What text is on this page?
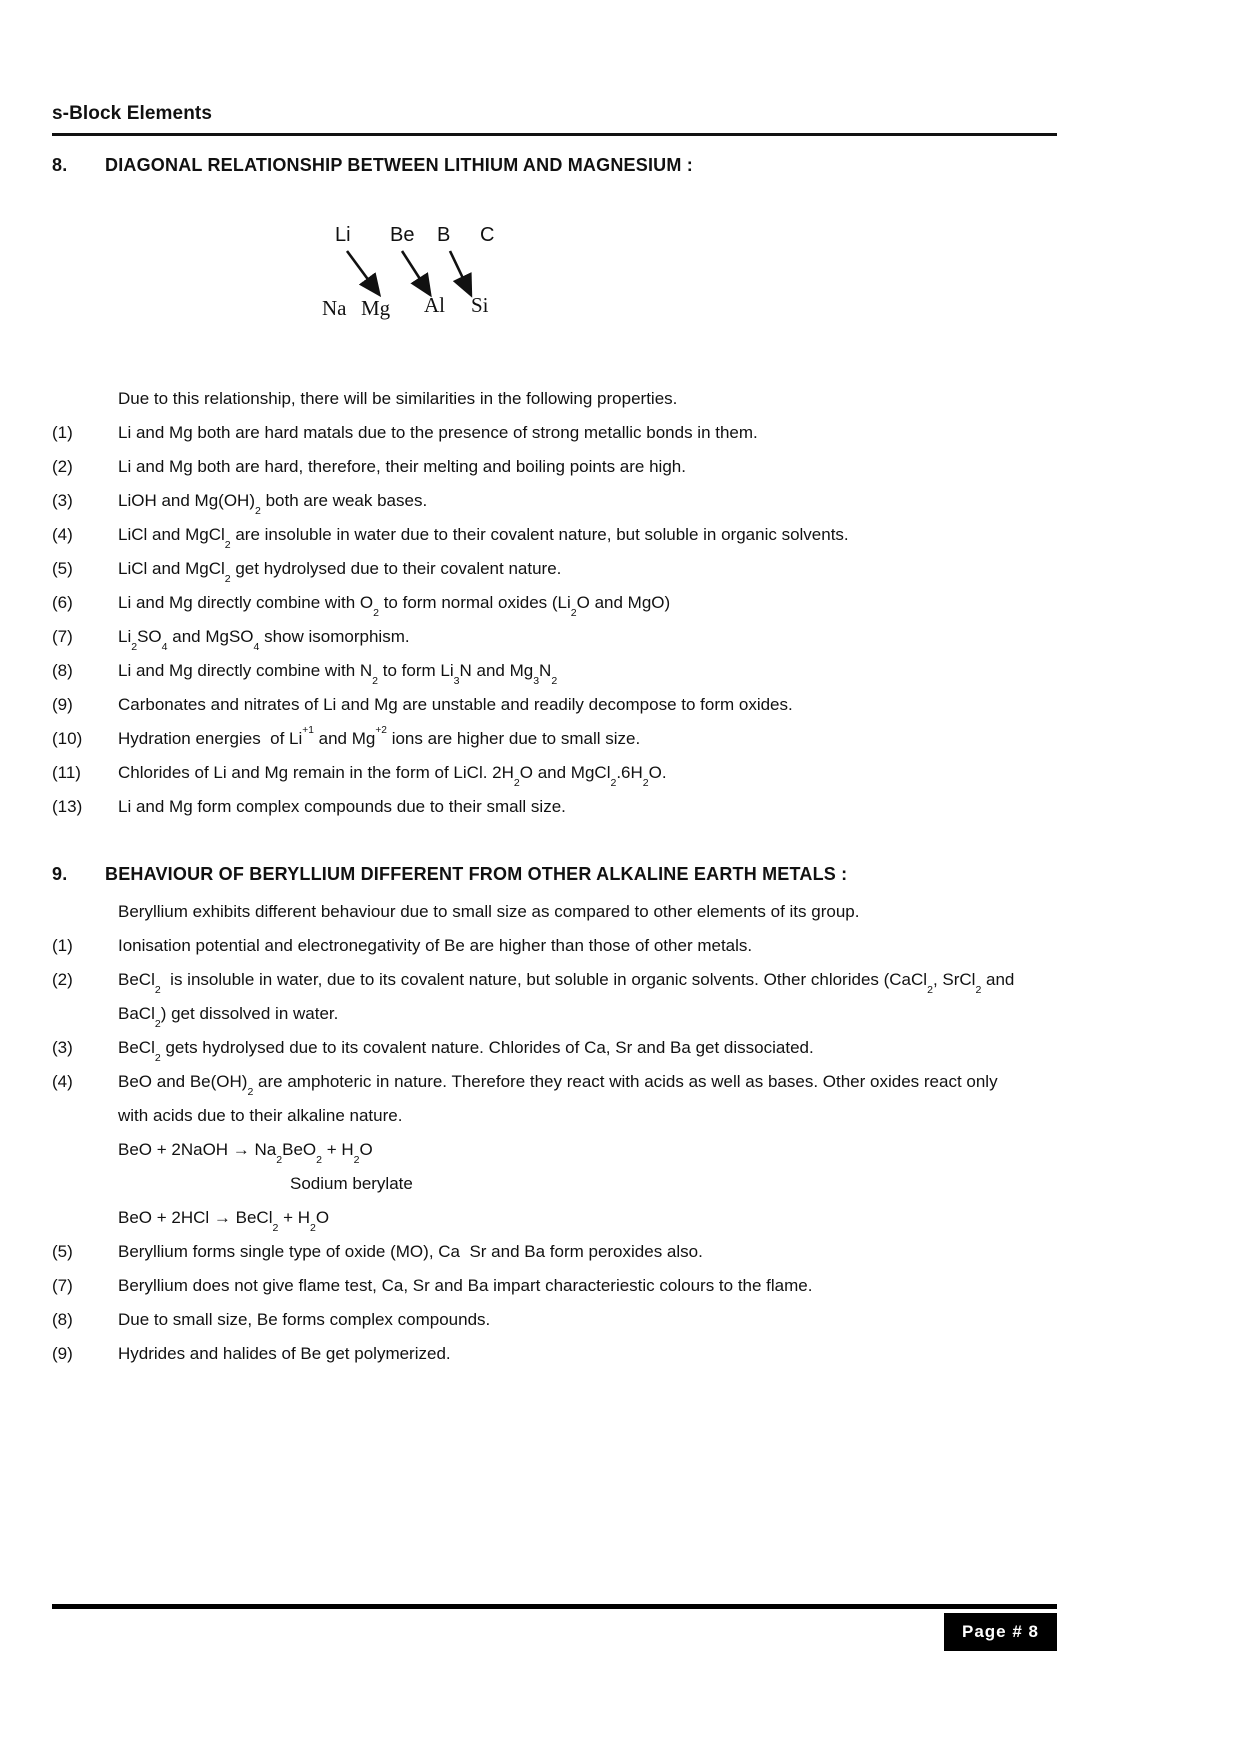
s-Block Elements
8.	DIAGONAL RELATIONSHIP BETWEEN LITHIUM AND MAGNESIUM :
Li Be B C
Na Mg Al Si
Due to this relationship, there will be similarities in the following properties.
(1)	Li and Mg both are hard matals due to the presence of strong metallic bonds in them.
(2)	Li and Mg both are hard, therefore, their melting and boiling points are high.
(3)	LiOH and $Mg(OH)_2$ both are weak bases.
(4)	LiCl and MgCl$_2$ are insoluble in water due to their covalent nature, but soluble in organic solvents.
(5)	LiCl and MgCl$_2$ get hydrolysed due to their covalent nature.
(6)	Li and Mg directly combine with $O_2$ to form normal oxides ($Li_2O$ and MgO)
(7)	$Li_2SO_4$ and MgSO$_4$ show isomorphism.
(8)	Li and Mg directly combine with $N_2$ to form $Li_3N$ and $Mg_3N_2$
(9)	Carbonates and nitrates of Li and Mg are unstable and readily decompose to form oxides.
(10)	Hydration energies  of $Li^{+1}$ and $Mg^{+2}$ ions are higher due to small size.
(11)	Chlorides of Li and Mg remain in the form of LiCl. $2H_2O$ and $MgCl_2.6H_2O$.
(13)	Li and Mg form complex compounds due to their small size.
9.	BEHAVIOUR OF BERYLLIUM DIFFERENT FROM OTHER ALKALINE EARTH METALS :
Beryllium exhibits different behaviour due to small size as compared to other elements of its group.
(1)	Ionisation potential and electronegativity of Be are higher than those of other metals.
(2)	BeCl$_2$  is insoluble in water, due to its covalent nature, but soluble in organic solvents. Other chlorides (CaCl$_2$, SrCl$_2$ and
BaCl$_2$) get dissolved in water.
(3)	BeCl$_2$ gets hydrolysed due to its covalent nature. Chlorides of Ca, Sr and Ba get dissociated.
(4)	BeO and $Be(OH)_2$ are amphoteric in nature. Therefore they react with acids as well as bases. Other oxides react only
with acids due to their alkaline nature.
BeO + 2NaOH → $Na_2BeO_2 + H_2O$
Sodium berylate
BeO + 2HCl → BeCl$_2$ + $H_2O$
(5)	Beryllium forms single type of oxide (MO), Ca  Sr and Ba form peroxides also.
(7)	Beryllium does not give flame test, Ca, Sr and Ba impart characteriestic colours to the flame.
(8)	Due to small size, Be forms complex compounds.
(9)	Hydrides and halides of Be get polymerized.
Page # 8
